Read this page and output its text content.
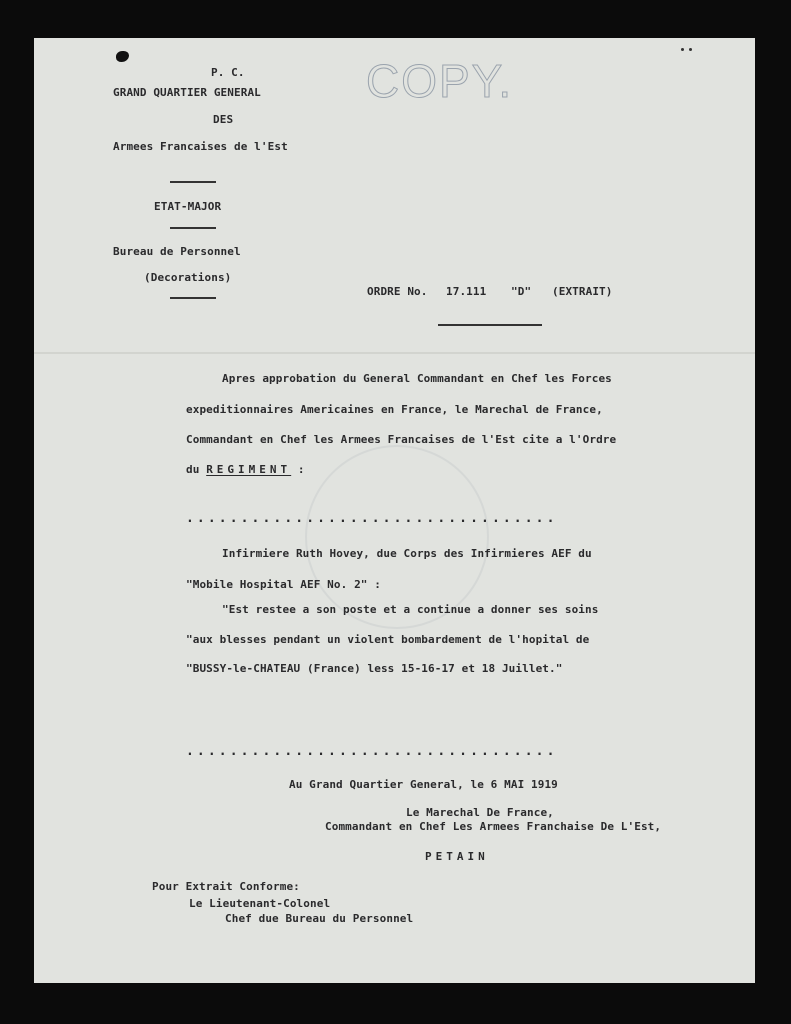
COPY.
P. C.
GRAND QUARTIER GENERAL
DES
Armees Francaises de l'Est
ETAT-MAJOR
Bureau de Personnel
(Decorations)
ORDRE No. 17.111 "D" (EXTRAIT)
Apres approbation du General Commandant en Chef les Forces
expeditionnaires Americaines en France, le Marechal de France,
Commandant en Chef les Armees Francaises de l'Est cite a l'Ordre
du REGIMENT :
..................................
Infirmiere Ruth Hovey, due Corps des Infirmieres AEF du
"Mobile Hospital AEF No. 2" :
"Est restee a son poste et a continue a donner ses soins
"aux blesses pendant un violent bombardement de l'hopital de
"BUSSY-le-CHATEAU (France) less 15-16-17 et 18 Juillet."
..................................
Au Grand Quartier General, le 6 MAI 1919
Le Marechal De France,
Commandant en Chef Les Armees Franchaise De L'Est,
PETAIN
Pour Extrait Conforme:
Le Lieutenant-Colonel
Chef due Bureau du Personnel
